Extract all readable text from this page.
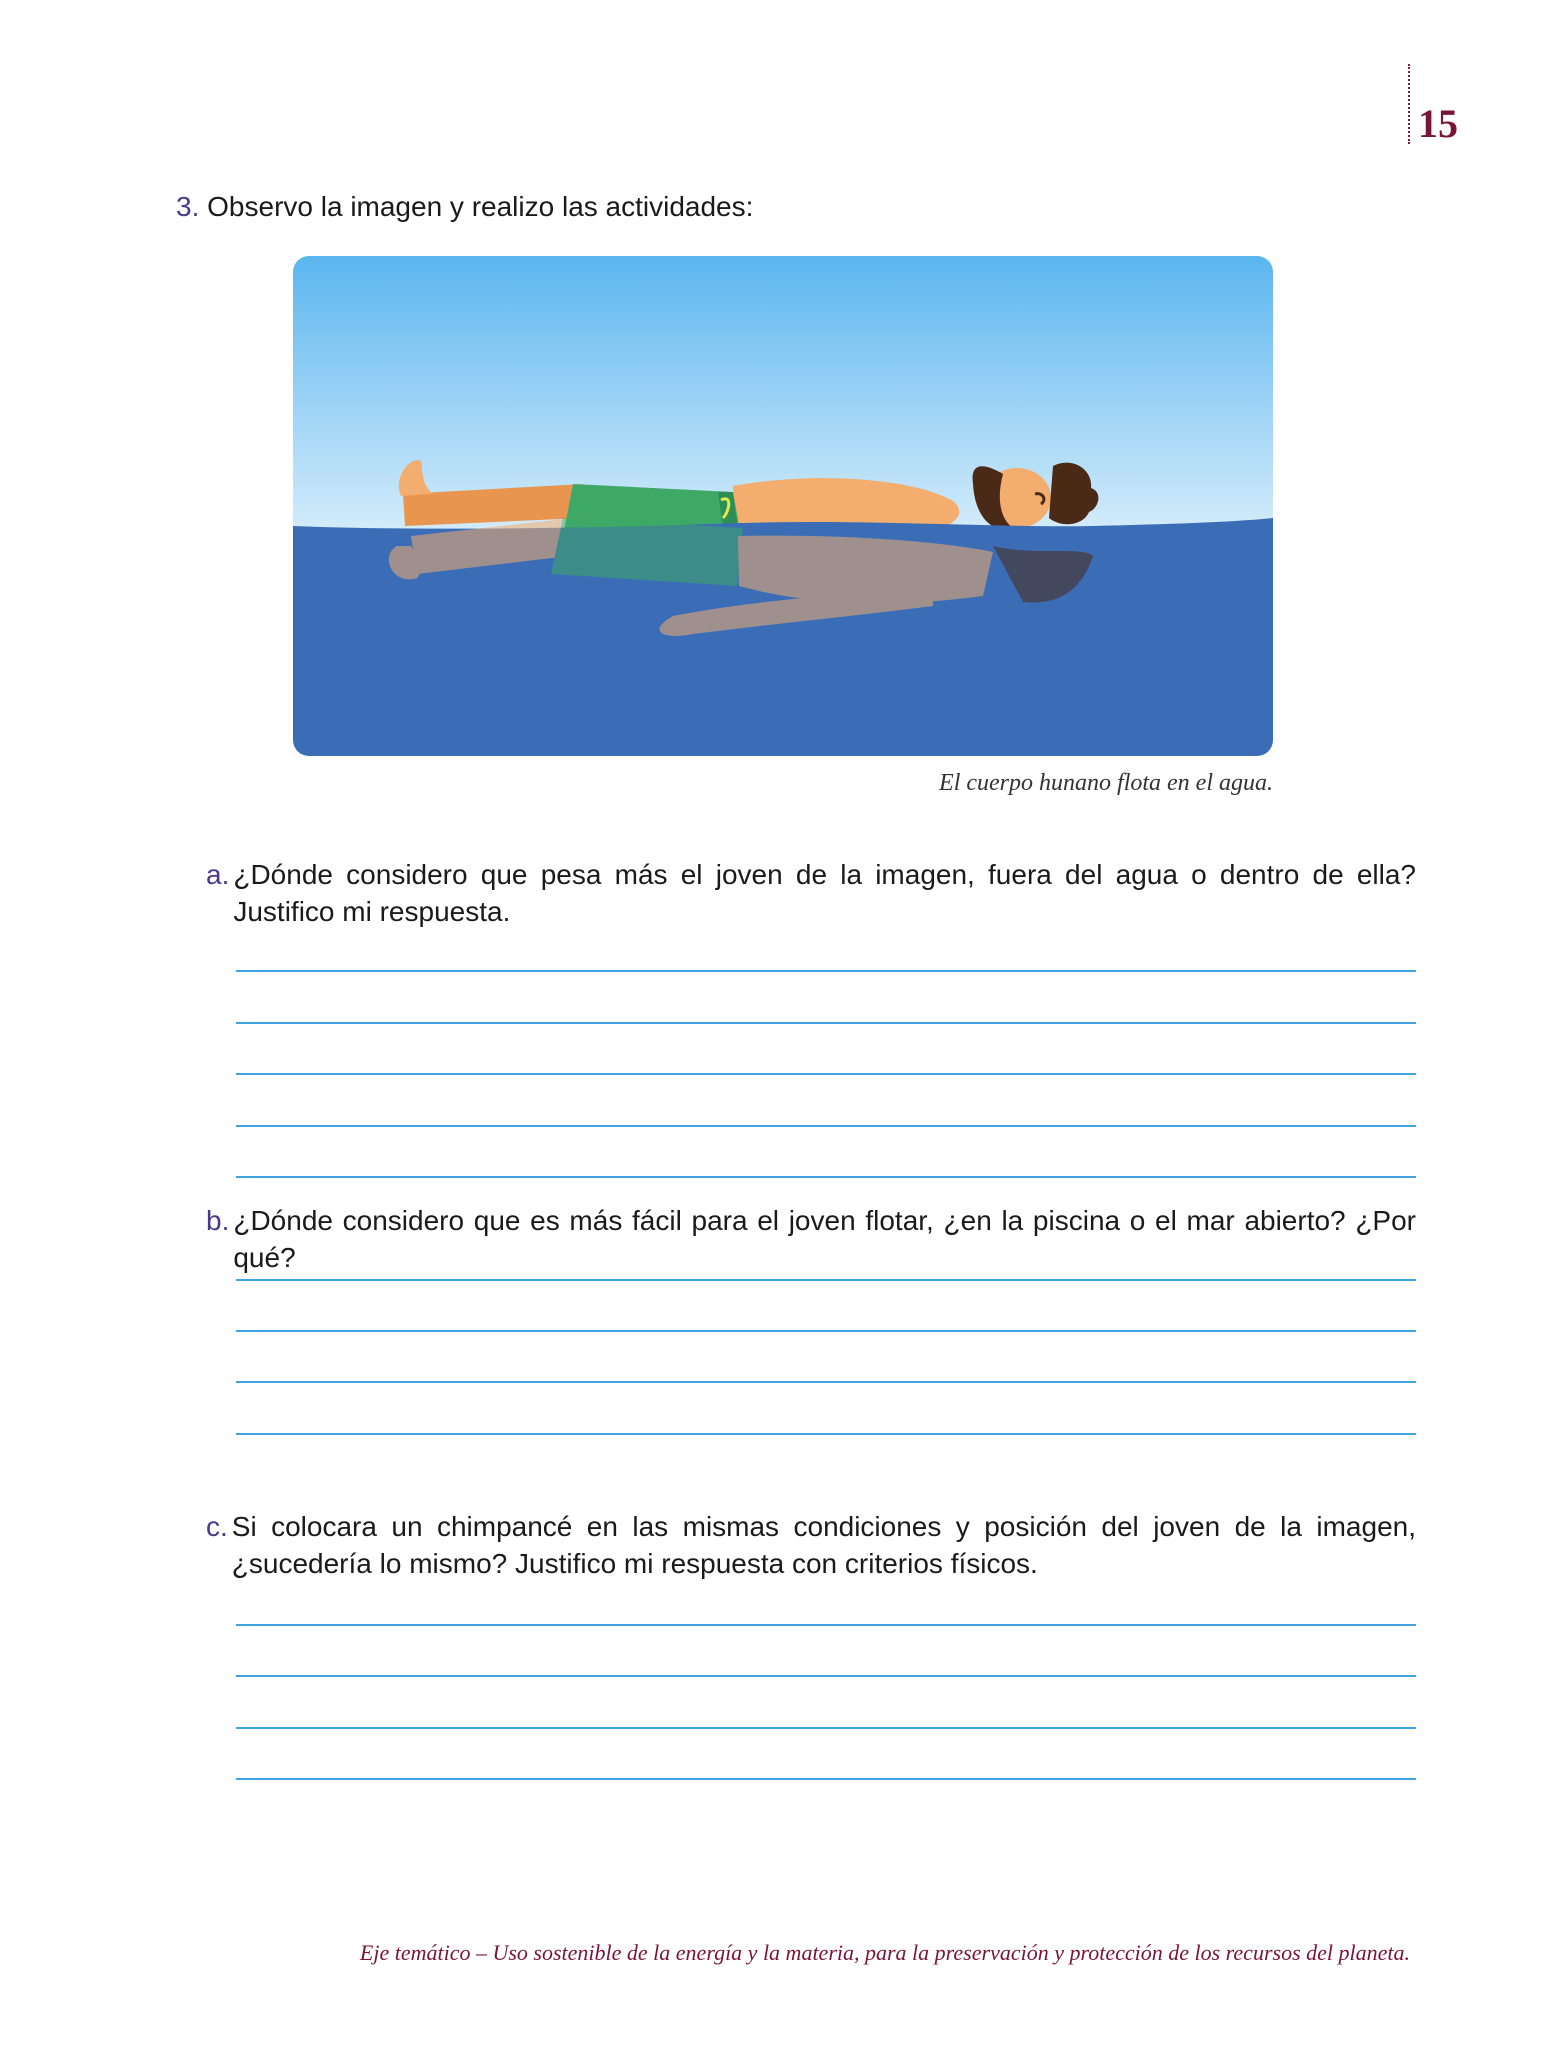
15
3. Observo la imagen y realizo las actividades:
El cuerpo hunano flota en el agua.
a. ¿Dónde considero que pesa más el joven de la imagen, fuera del agua o dentro de ella? Justifico mi respuesta.
b. ¿Dónde considero que es más fácil para el joven flotar, ¿en la piscina o el mar abierto? ¿Por qué?
c. Si colocara un chimpancé en las mismas condiciones y posición del joven de la imagen, ¿sucedería lo mismo? Justifico mi respuesta con criterios físicos.
Eje temático – Uso sostenible de la energía y la materia, para la preservación y protección de los recursos del planeta.
